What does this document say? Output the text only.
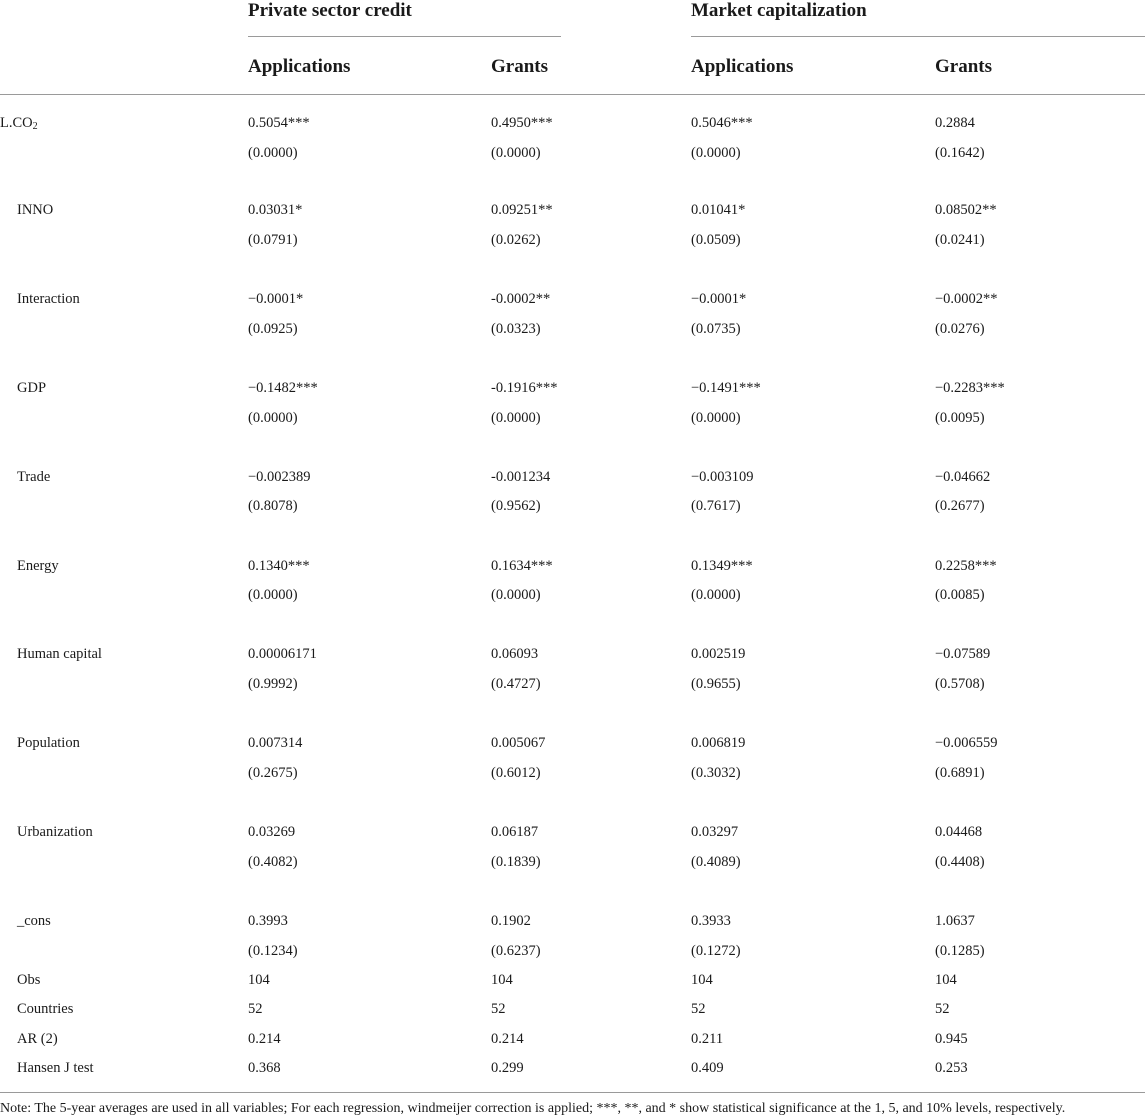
Private sector credit	Market capitalization
Applications	Grants	Applications	Grants
$L.CO_2$	0.5054***	0.4950***	0.5046***	0.2884
(0.0000)	(0.0000)	(0.0000)	(0.1642)
INNO	0.03031*	0.09251**	0.01041*	0.08502**
(0.0791)	(0.0262)	(0.0509)	(0.0241)
Interaction	−0.0001*	-0.0002**	−0.0001*	−0.0002**
(0.0925)	(0.0323)	(0.0735)	(0.0276)
GDP	−0.1482***	-0.1916***	−0.1491***	−0.2283***
(0.0000)	(0.0000)	(0.0000)	(0.0095)
Trade	−0.002389	-0.001234	−0.003109	−0.04662
(0.8078)	(0.9562)	(0.7617)	(0.2677)
Energy	0.1340***	0.1634***	0.1349***	0.2258***
(0.0000)	(0.0000)	(0.0000)	(0.0085)
Human capital	0.00006171	0.06093	0.002519	−0.07589
(0.9992)	(0.4727)	(0.9655)	(0.5708)
Population	0.007314	0.005067	0.006819	−0.006559
(0.2675)	(0.6012)	(0.3032)	(0.6891)
Urbanization	0.03269	0.06187	0.03297	0.04468
(0.4082)	(0.1839)	(0.4089)	(0.4408)
_cons	0.3993	0.1902	0.3933	1.0637
(0.1234)	(0.6237)	(0.1272)	(0.1285)
Obs	104	104	104	104
Countries	52	52	52	52
AR (2)	0.214	0.214	0.211	0.945
Hansen J test	0.368	0.299	0.409	0.253
Note: The 5-year averages are used in all variables; For each regression, windmeijer correction is applied; ***, **, and * show statistical significance at the 1, 5, and 10% levels, respectively.
